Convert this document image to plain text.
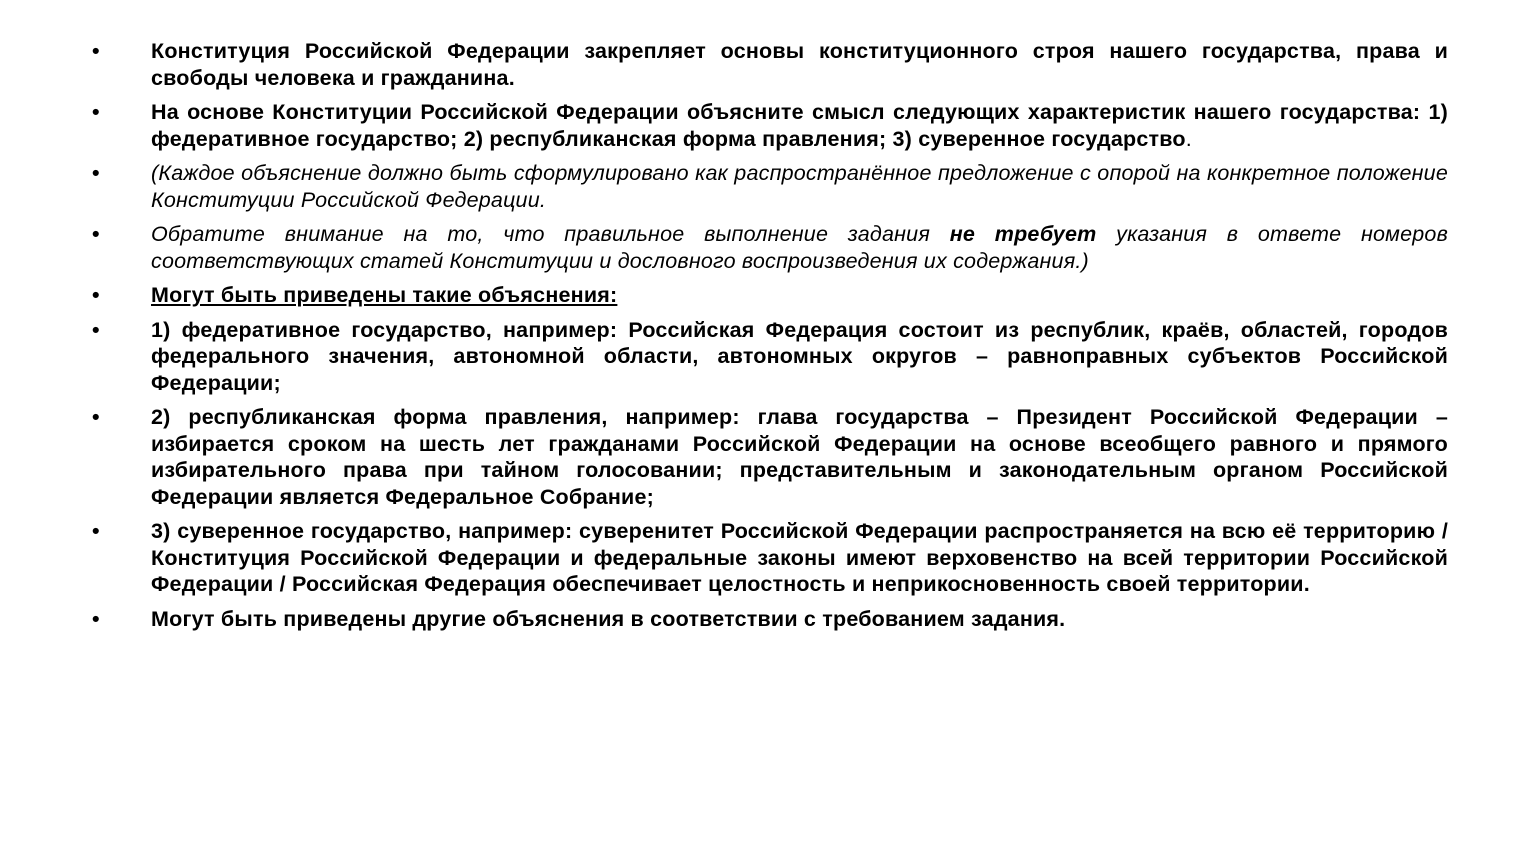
• Конституция Российской Федерации закрепляет основы конституционного строя нашего государства, права и свободы человека и гражданина.
• На основе Конституции Российской Федерации объясните смысл следующих характеристик нашего государства: 1) федеративное государство; 2) республиканская форма правления; 3) суверенное государство.
• (Каждое объяснение должно быть сформулировано как распространённое предложение с опорой на конкретное положение Конституции Российской Федерации.
• Обратите внимание на то, что правильное выполнение задания не требует указания в ответе номеров соответствующих статей Конституции и дословного воспроизведения их содержания.)
• Могут быть приведены такие объяснения:
• 1) федеративное государство, например: Российская Федерация состоит из республик, краёв, областей, городов федерального значения, автономной области, автономных округов – равноправных субъектов Российской Федерации;
• 2) республиканская форма правления, например: глава государства – Президент Российской Федерации – избирается сроком на шесть лет гражданами Российской Федерации на основе всеобщего равного и прямого избирательного права при тайном голосовании; представительным и законодательным органом Российской Федерации является Федеральное Собрание;
• 3) суверенное государство, например: суверенитет Российской Федерации распространяется на всю её территорию / Конституция Российской Федерации и федеральные законы имеют верховенство на всей территории Российской Федерации / Российская Федерация обеспечивает целостность и неприкосновенность своей территории.
• Могут быть приведены другие объяснения в соответствии с требованием задания.
